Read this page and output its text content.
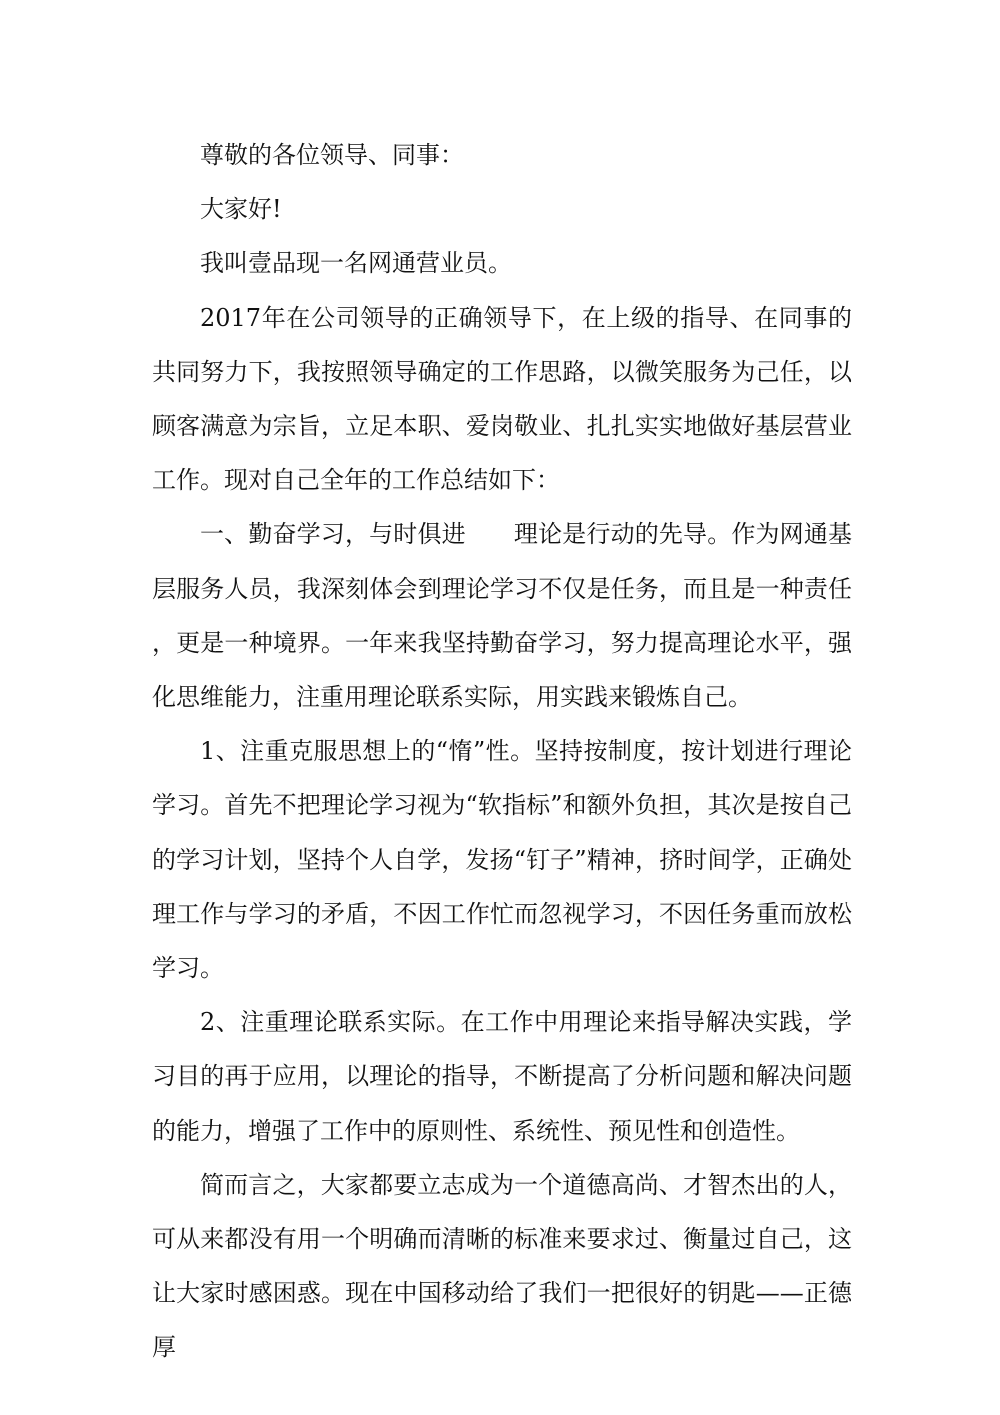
尊敬的各位领导、同事：

大家好!

我叫壹品现一名网通营业员。

2017年在公司领导的正确领导下，在上级的指导、在同事的共同努力下，我按照领导确定的工作思路，以微笑服务为己任，以顾客满意为宗旨，立足本职、爱岗敬业、扎扎实实地做好基层营业工作。现对自己全年的工作总结如下：

一、勤奋学习，与时俱进 理论是行动的先导。作为网通基层服务人员，我深刻体会到理论学习不仅是任务，而且是一种责任，更是一种境界。一年来我坚持勤奋学习，努力提高理论水平，强化思维能力，注重用理论联系实际，用实践来锻炼自己。

1、注重克服思想上的“惰”性。坚持按制度，按计划进行理论学习。首先不把理论学习视为“软指标”和额外负担，其次是按自己的学习计划，坚持个人自学，发扬“钉子”精神，挤时间学，正确处理工作与学习的矛盾，不因工作忙而忽视学习，不因任务重而放松学习。

2、注重理论联系实际。在工作中用理论来指导解决实践，学习目的再于应用，以理论的指导，不断提高了分析问题和解决问题的能力，增强了工作中的原则性、系统性、预见性和创造性。

简而言之，大家都要立志成为一个道德高尚、才智杰出的人，可从来都没有用一个明确而清晰的标准来要求过、衡量过自己，这让大家时感困惑。现在中国移动给了我们一把很好的钥匙——正德厚
